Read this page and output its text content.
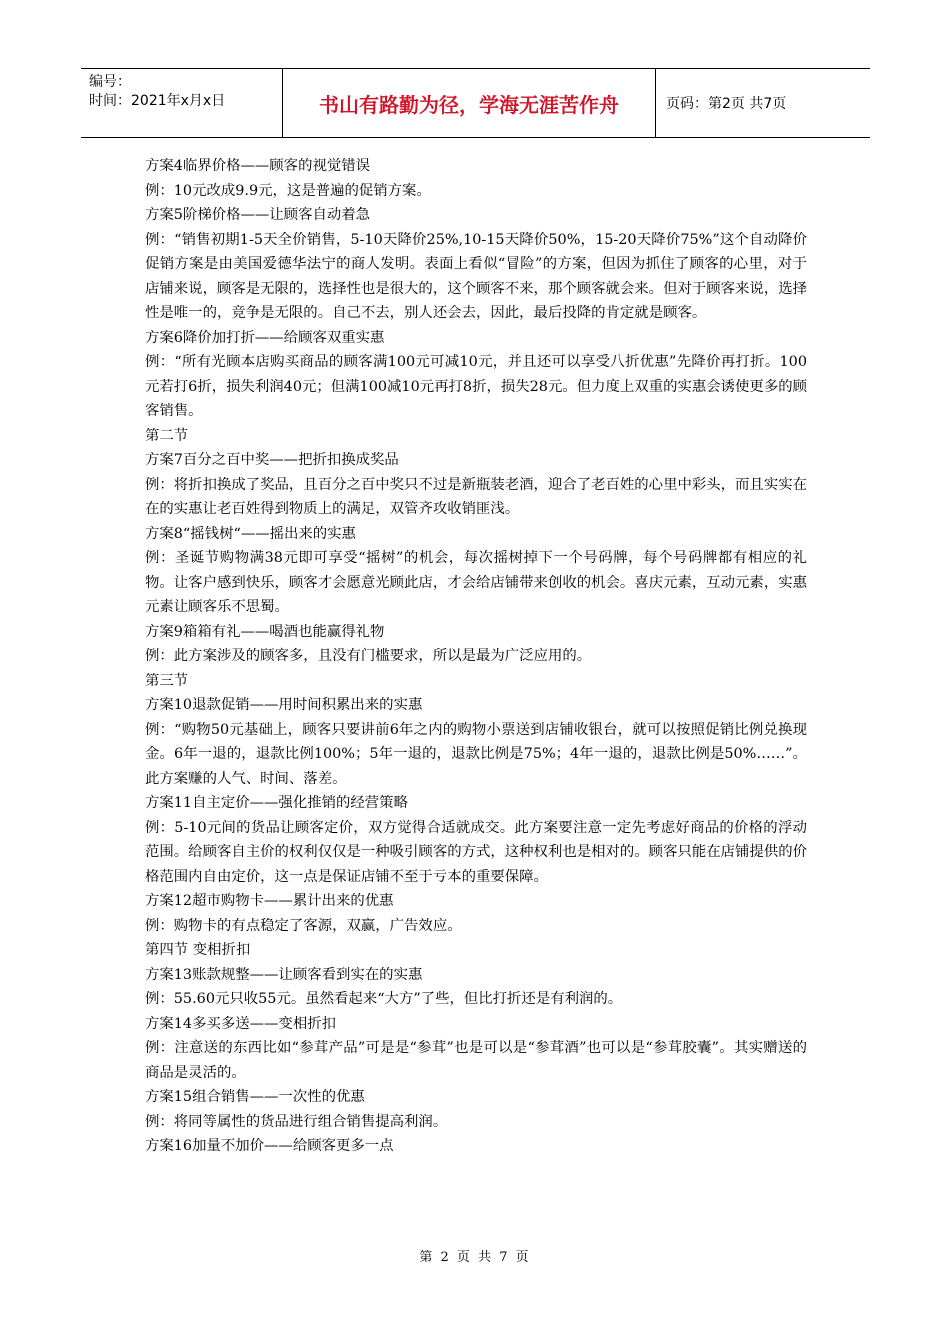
编号：
时间：2021年x月x日	书山有路勤为径，学海无涯苦作舟	页码：第2页 共7页

方案4临界价格——顾客的视觉错误

例：10元改成9.9元，这是普遍的促销方案。

方案5阶梯价格——让顾客自动着急

例：“销售初期1-5天全价销售，5-10天降价25%,10-15天降价50%，15-20天降价75%”这个自动降价促销方案是由美国爱德华法宁的商人发明。表面上看似“冒险”的方案，但因为抓住了顾客的心里，对于店铺来说，顾客是无限的，选择性也是很大的，这个顾客不来，那个顾客就会来。但对于顾客来说，选择性是唯一的，竞争是无限的。自己不去，别人还会去，因此，最后投降的肯定就是顾客。

方案6降价加打折——给顾客双重实惠

例：“所有光顾本店购买商品的顾客满100元可减10元，并且还可以享受八折优惠”先降价再打折。100元若打6折，损失利润40元；但满100减10元再打8折，损失28元。但力度上双重的实惠会诱使更多的顾客销售。

第二节

方案7百分之百中奖——把折扣换成奖品

例：将折扣换成了奖品，且百分之百中奖只不过是新瓶装老酒，迎合了老百姓的心里中彩头，而且实实在在的实惠让老百姓得到物质上的满足，双管齐攻收销匪浅。

方案8“摇钱树“——摇出来的实惠

例：圣诞节购物满38元即可享受“摇树”的机会，每次摇树掉下一个号码牌，每个号码牌都有相应的礼物。让客户感到快乐，顾客才会愿意光顾此店，才会给店铺带来创收的机会。喜庆元素，互动元素，实惠元素让顾客乐不思蜀。

方案9箱箱有礼——喝酒也能赢得礼物

例：此方案涉及的顾客多，且没有门槛要求，所以是最为广泛应用的。

第三节

方案10退款促销——用时间积累出来的实惠

例：“购物50元基础上，顾客只要讲前6年之内的购物小票送到店铺收银台，就可以按照促销比例兑换现金。6年一退的，退款比例100%；5年一退的，退款比例是75%；4年一退的，退款比例是50%……”。此方案赚的人气、时间、落差。

方案11自主定价——强化推销的经营策略

例：5-10元间的货品让顾客定价，双方觉得合适就成交。此方案要注意一定先考虑好商品的价格的浮动范围。给顾客自主价的权利仅仅是一种吸引顾客的方式，这种权利也是相对的。顾客只能在店铺提供的价格范围内自由定价，这一点是保证店铺不至于亏本的重要保障。

方案12超市购物卡——累计出来的优惠

例：购物卡的有点稳定了客源，双赢，广告效应。

第四节 变相折扣

方案13账款规整——让顾客看到实在的实惠

例：55.60元只收55元。虽然看起来“大方”了些，但比打折还是有利润的。

方案14多买多送——变相折扣

例：注意送的东西比如“参茸产品”可是是“参茸”也是可以是“参茸酒”也可以是“参茸胶囊”。其实赠送的商品是灵活的。

方案15组合销售——一次性的优惠

例：将同等属性的货品进行组合销售提高利润。

方案16加量不加价——给顾客更多一点

第 2 页 共 7 页
